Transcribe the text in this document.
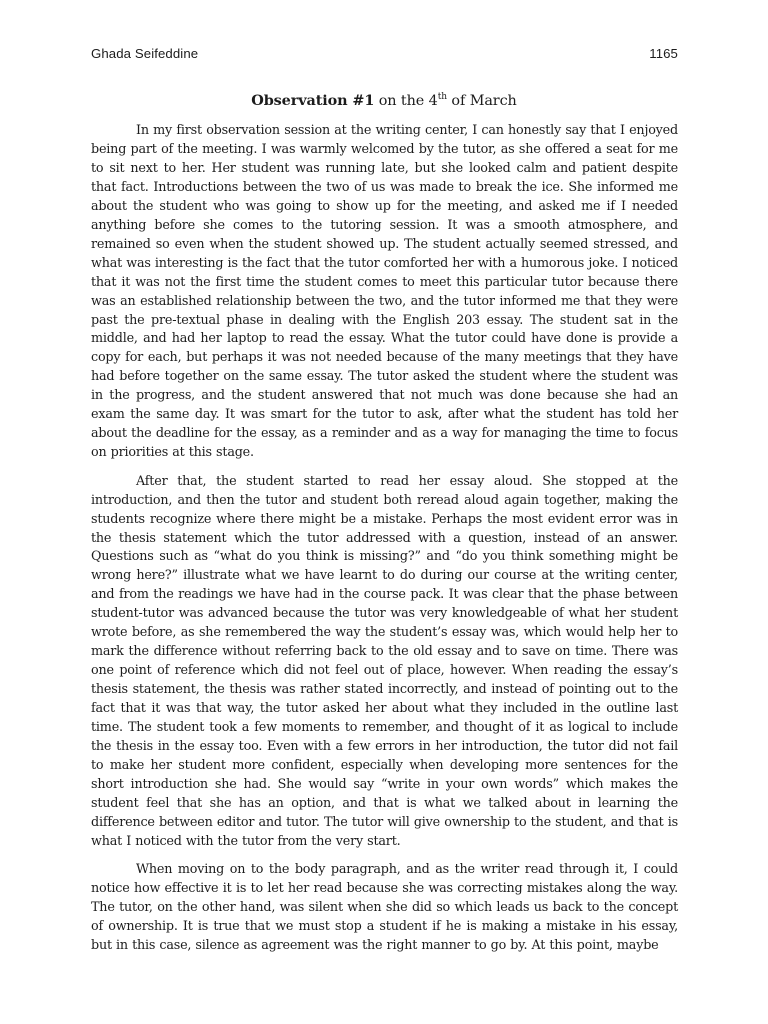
Ghada Seifeddine	1165
Observation #1 on the 4th of March

In my first observation session at the writing center, I can honestly say that I enjoyed being part of the meeting. I was warmly welcomed by the tutor, as she offered a seat for me to sit next to her. Her student was running late, but she looked calm and patient despite that fact. Introductions between the two of us was made to break the ice. She informed me about the student who was going to show up for the meeting, and asked me if I needed anything before she comes to the tutoring session. It was a smooth atmosphere, and remained so even when the student showed up. The student actually seemed stressed, and what was interesting is the fact that the tutor comforted her with a humorous joke. I noticed that it was not the first time the student comes to meet this particular tutor because there was an established relationship between the two, and the tutor informed me that they were past the pre-textual phase in dealing with the English 203 essay. The student sat in the middle, and had her laptop to read the essay. What the tutor could have done is provide a copy for each, but perhaps it was not needed because of the many meetings that they have had before together on the same essay. The tutor asked the student where the student was in the progress, and the student answered that not much was done because she had an exam the same day. It was smart for the tutor to ask, after what the student has told her about the deadline for the essay, as a reminder and as a way for managing the time to focus on priorities at this stage.

After that, the student started to read her essay aloud. She stopped at the introduction, and then the tutor and student both reread aloud again together, making the students recognize where there might be a mistake. Perhaps the most evident error was in the thesis statement which the tutor addressed with a question, instead of an answer. Questions such as “what do you think is missing?” and “do you think something might be wrong here?” illustrate what we have learnt to do during our course at the writing center, and from the readings we have had in the course pack. It was clear that the phase between student-tutor was advanced because the tutor was very knowledgeable of what her student wrote before, as she remembered the way the student’s essay was, which would help her to mark the difference without referring back to the old essay and to save on time. There was one point of reference which did not feel out of place, however. When reading the essay’s thesis statement, the thesis was rather stated incorrectly, and instead of pointing out to the fact that it was that way, the tutor asked her about what they included in the outline last time. The student took a few moments to remember, and thought of it as logical to include the thesis in the essay too. Even with a few errors in her introduction, the tutor did not fail to make her student more confident, especially when developing more sentences for the short introduction she had. She would say “write in your own words” which makes the student feel that she has an option, and that is what we talked about in learning the difference between editor and tutor. The tutor will give ownership to the student, and that is what I noticed with the tutor from the very start.

When moving on to the body paragraph, and as the writer read through it, I could notice how effective it is to let her read because she was correcting mistakes along the way. The tutor, on the other hand, was silent when she did so which leads us back to the concept of ownership. It is true that we must stop a student if he is making a mistake in his essay, but in this case, silence as agreement was the right manner to go by. At this point, maybe
